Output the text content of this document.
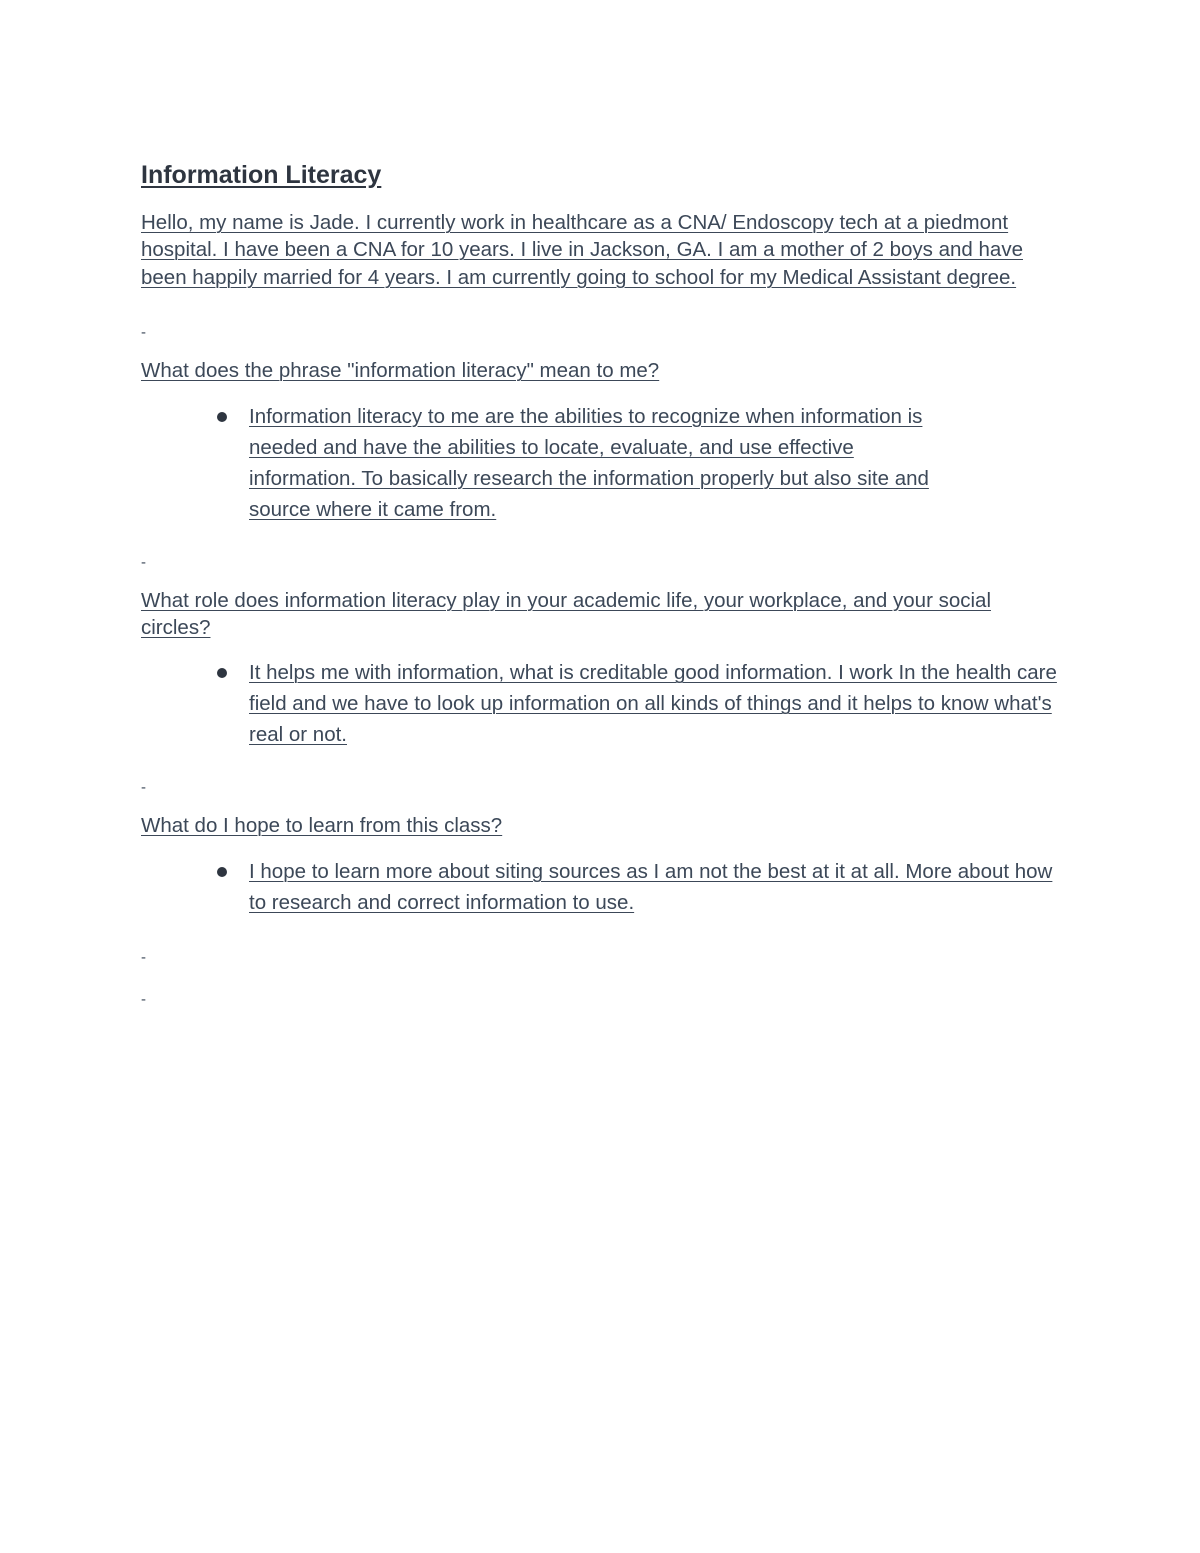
Information Literacy

Hello, my name is Jade. I currently work in healthcare as a CNA/ Endoscopy tech at a piedmont hospital. I have been a CNA for 10 years. I live in Jackson, GA. I am a mother of 2 boys and have been happily married for 4 years. I am currently going to school for my Medical Assistant degree.

-

What does the phrase "information literacy" mean to me?

Information literacy to me are the abilities to recognize when information is needed and have the abilities to locate, evaluate, and use effective information. To basically research the information properly but also site and source where it came from.

-

What role does information literacy play in your academic life, your workplace, and your social circles?

It helps me with information, what is creditable good information. I work In the health care field and we have to look up information on all kinds of things and it helps to know what's real or not.

-

What do I hope to learn from this class?

I hope to learn more about siting sources as I am not the best at it at all. More about how to research and correct information to use.

-

-
